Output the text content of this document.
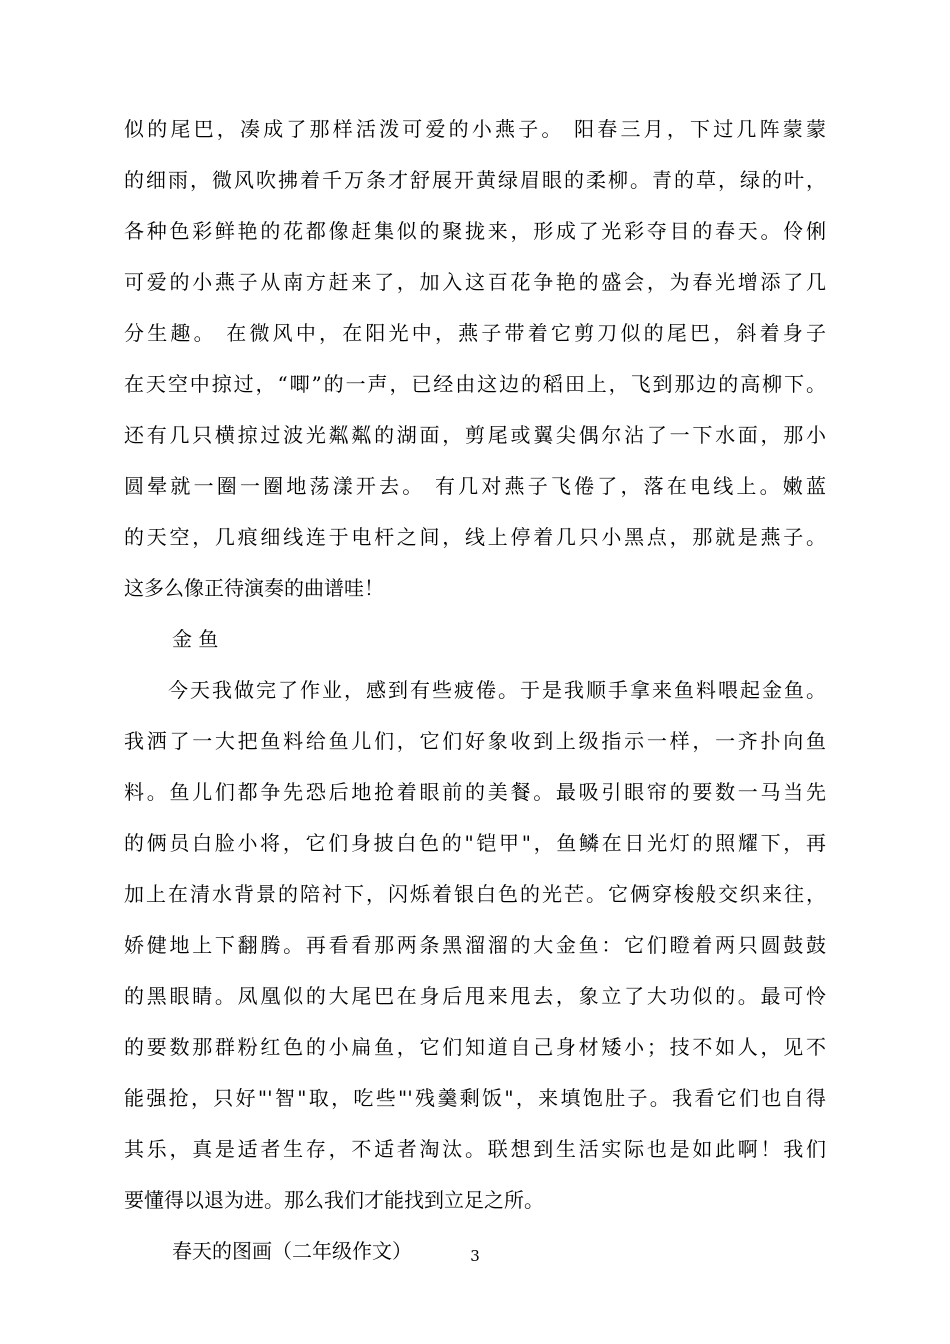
似的尾巴，凑成了那样活泼可爱的小燕子。 阳春三月，下过几阵蒙蒙
的细雨，微风吹拂着千万条才舒展开黄绿眉眼的柔柳。青的草，绿的叶，
各种色彩鲜艳的花都像赶集似的聚拢来，形成了光彩夺目的春天。伶俐
可爱的小燕子从南方赶来了，加入这百花争艳的盛会，为春光增添了几
分生趣。 在微风中，在阳光中，燕子带着它剪刀似的尾巴，斜着身子
在天空中掠过，“唧”的一声，已经由这边的稻田上，飞到那边的高柳下。
还有几只横掠过波光粼粼的湖面，剪尾或翼尖偶尔沾了一下水面，那小
圆晕就一圈一圈地荡漾开去。 有几对燕子飞倦了，落在电线上。嫩蓝
的天空，几痕细线连于电杆之间，线上停着几只小黑点，那就是燕子。
这多么像正待演奏的曲谱哇！
金 鱼
今天我做完了作业，感到有些疲倦。于是我顺手拿来鱼料喂起金鱼。
我洒了一大把鱼料给鱼儿们，它们好象收到上级指示一样，一齐扑向鱼
料。鱼儿们都争先恐后地抢着眼前的美餐。最吸引眼帘的要数一马当先
的俩员白脸小将，它们身披白色的"铠甲"，鱼鳞在日光灯的照耀下，再
加上在清水背景的陪衬下，闪烁着银白色的光芒。它俩穿梭般交织来往，
娇健地上下翻腾。再看看那两条黑溜溜的大金鱼：它们瞪着两只圆鼓鼓
的黑眼睛。凤凰似的大尾巴在身后甩来甩去，象立了大功似的。最可怜
的要数那群粉红色的小扁鱼，它们知道自己身材矮小；技不如人，见不
能强抢，只好"'智"取，吃些"'残羹剩饭"，来填饱肚子。我看它们也自得
其乐，真是适者生存，不适者淘汰。联想到生活实际也是如此啊！我们
要懂得以退为进。那么我们才能找到立足之所。
春天的图画（二年级作文）	3
